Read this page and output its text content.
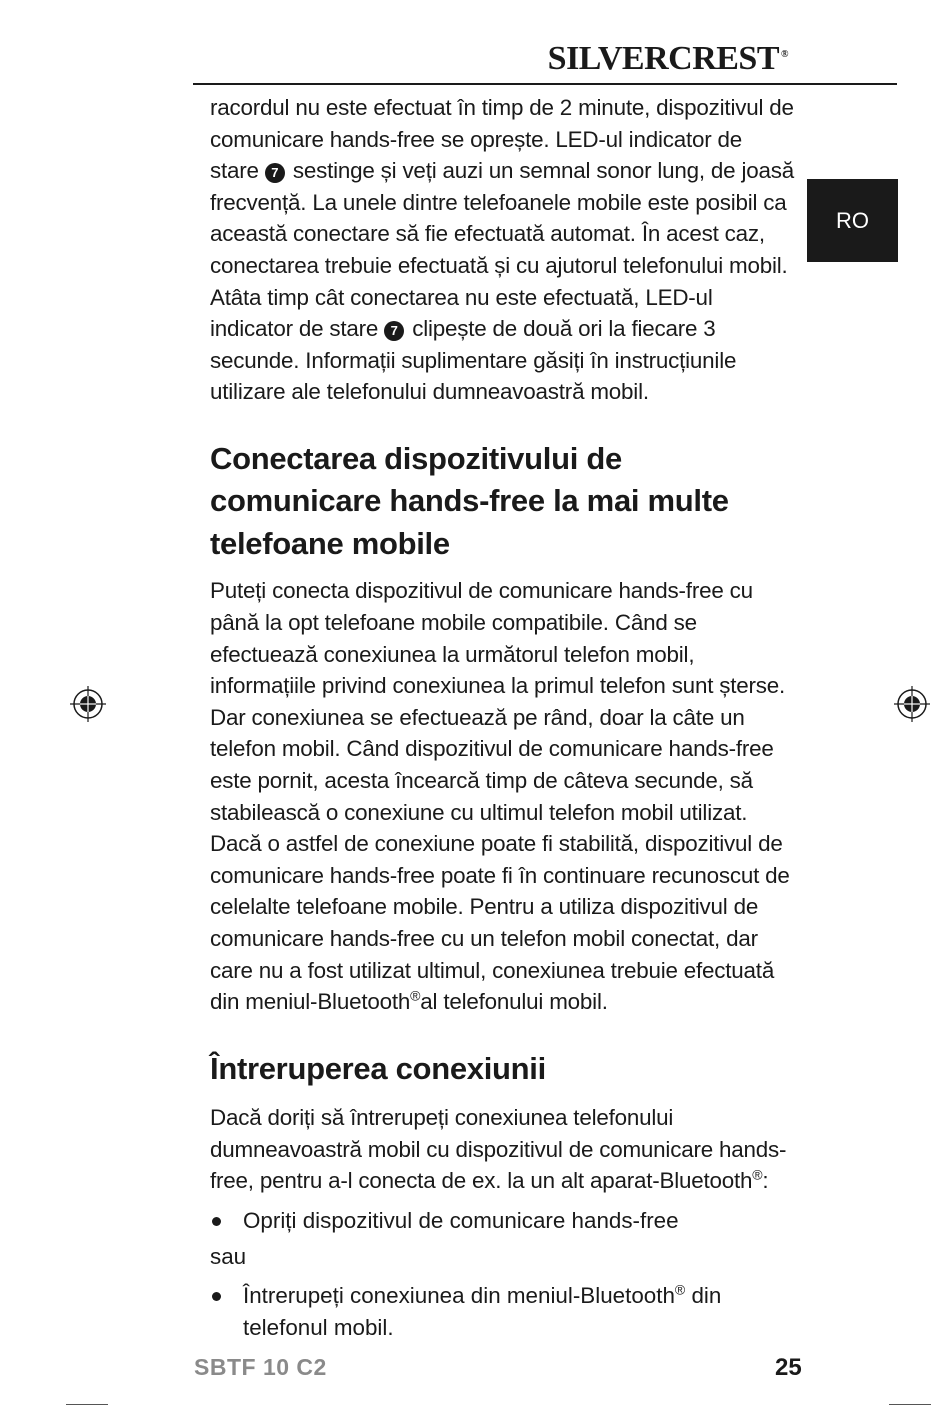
SILVERCREST ®
RO

racordul nu este efectuat în timp de 2 minute, dispozitivul de comunicare hands-free se oprește. LED-ul indicator de stare 7 sestinge și veți auzi un semnal sonor lung, de joasă frecvență. La unele dintre telefoanele mobile este posibil ca această conectare să fie efectuată automat. În acest caz, conectarea trebuie efectuată și cu ajutorul telefonului mobil. Atâta timp cât conectarea nu este efectuată, LED-ul indicator de stare 7 clipește de două ori la fiecare 3 secunde. Informații suplimentare găsiți în instrucțiunile utilizare ale telefonului dumneavoastră mobil.

Conectarea dispozitivului de comunicare hands-free la mai multe telefoane mobile

Puteți conecta dispozitivul de comunicare hands-free cu până la opt telefoane mobile compatibile. Când se efectuează conexiunea la următorul telefon mobil, informațiile privind conexiunea la primul telefon sunt șterse. Dar conexiunea se efectuează pe rând, doar la câte un telefon mobil. Când dispozitivul de comunicare hands-free este pornit, acesta încearcă timp de câteva secunde, să stabilească o conexiune cu ultimul telefon mobil utilizat. Dacă o astfel de conexiune poate fi stabilită, dispozitivul de comunicare hands-free poate fi în continuare recunoscut de celelalte telefoane mobile. Pentru a utiliza dispozitivul de comunicare hands-free cu un telefon mobil conectat, dar care nu a fost utilizat ultimul, conexiunea trebuie efectuată din meniul-Bluetooth®al telefonului mobil.

Întreruperea conexiunii

Dacă doriți să întrerupeți conexiunea telefonului dumneavoastră mobil cu dispozitivul de comunicare hands-free, pentru a-l conecta de ex. la un alt aparat-Bluetooth®:

Opriți dispozitivul de comunicare hands-free
sau
Întrerupeți conexiunea din meniul-Bluetooth® din telefonul mobil.
SBTF 10 C2	25
